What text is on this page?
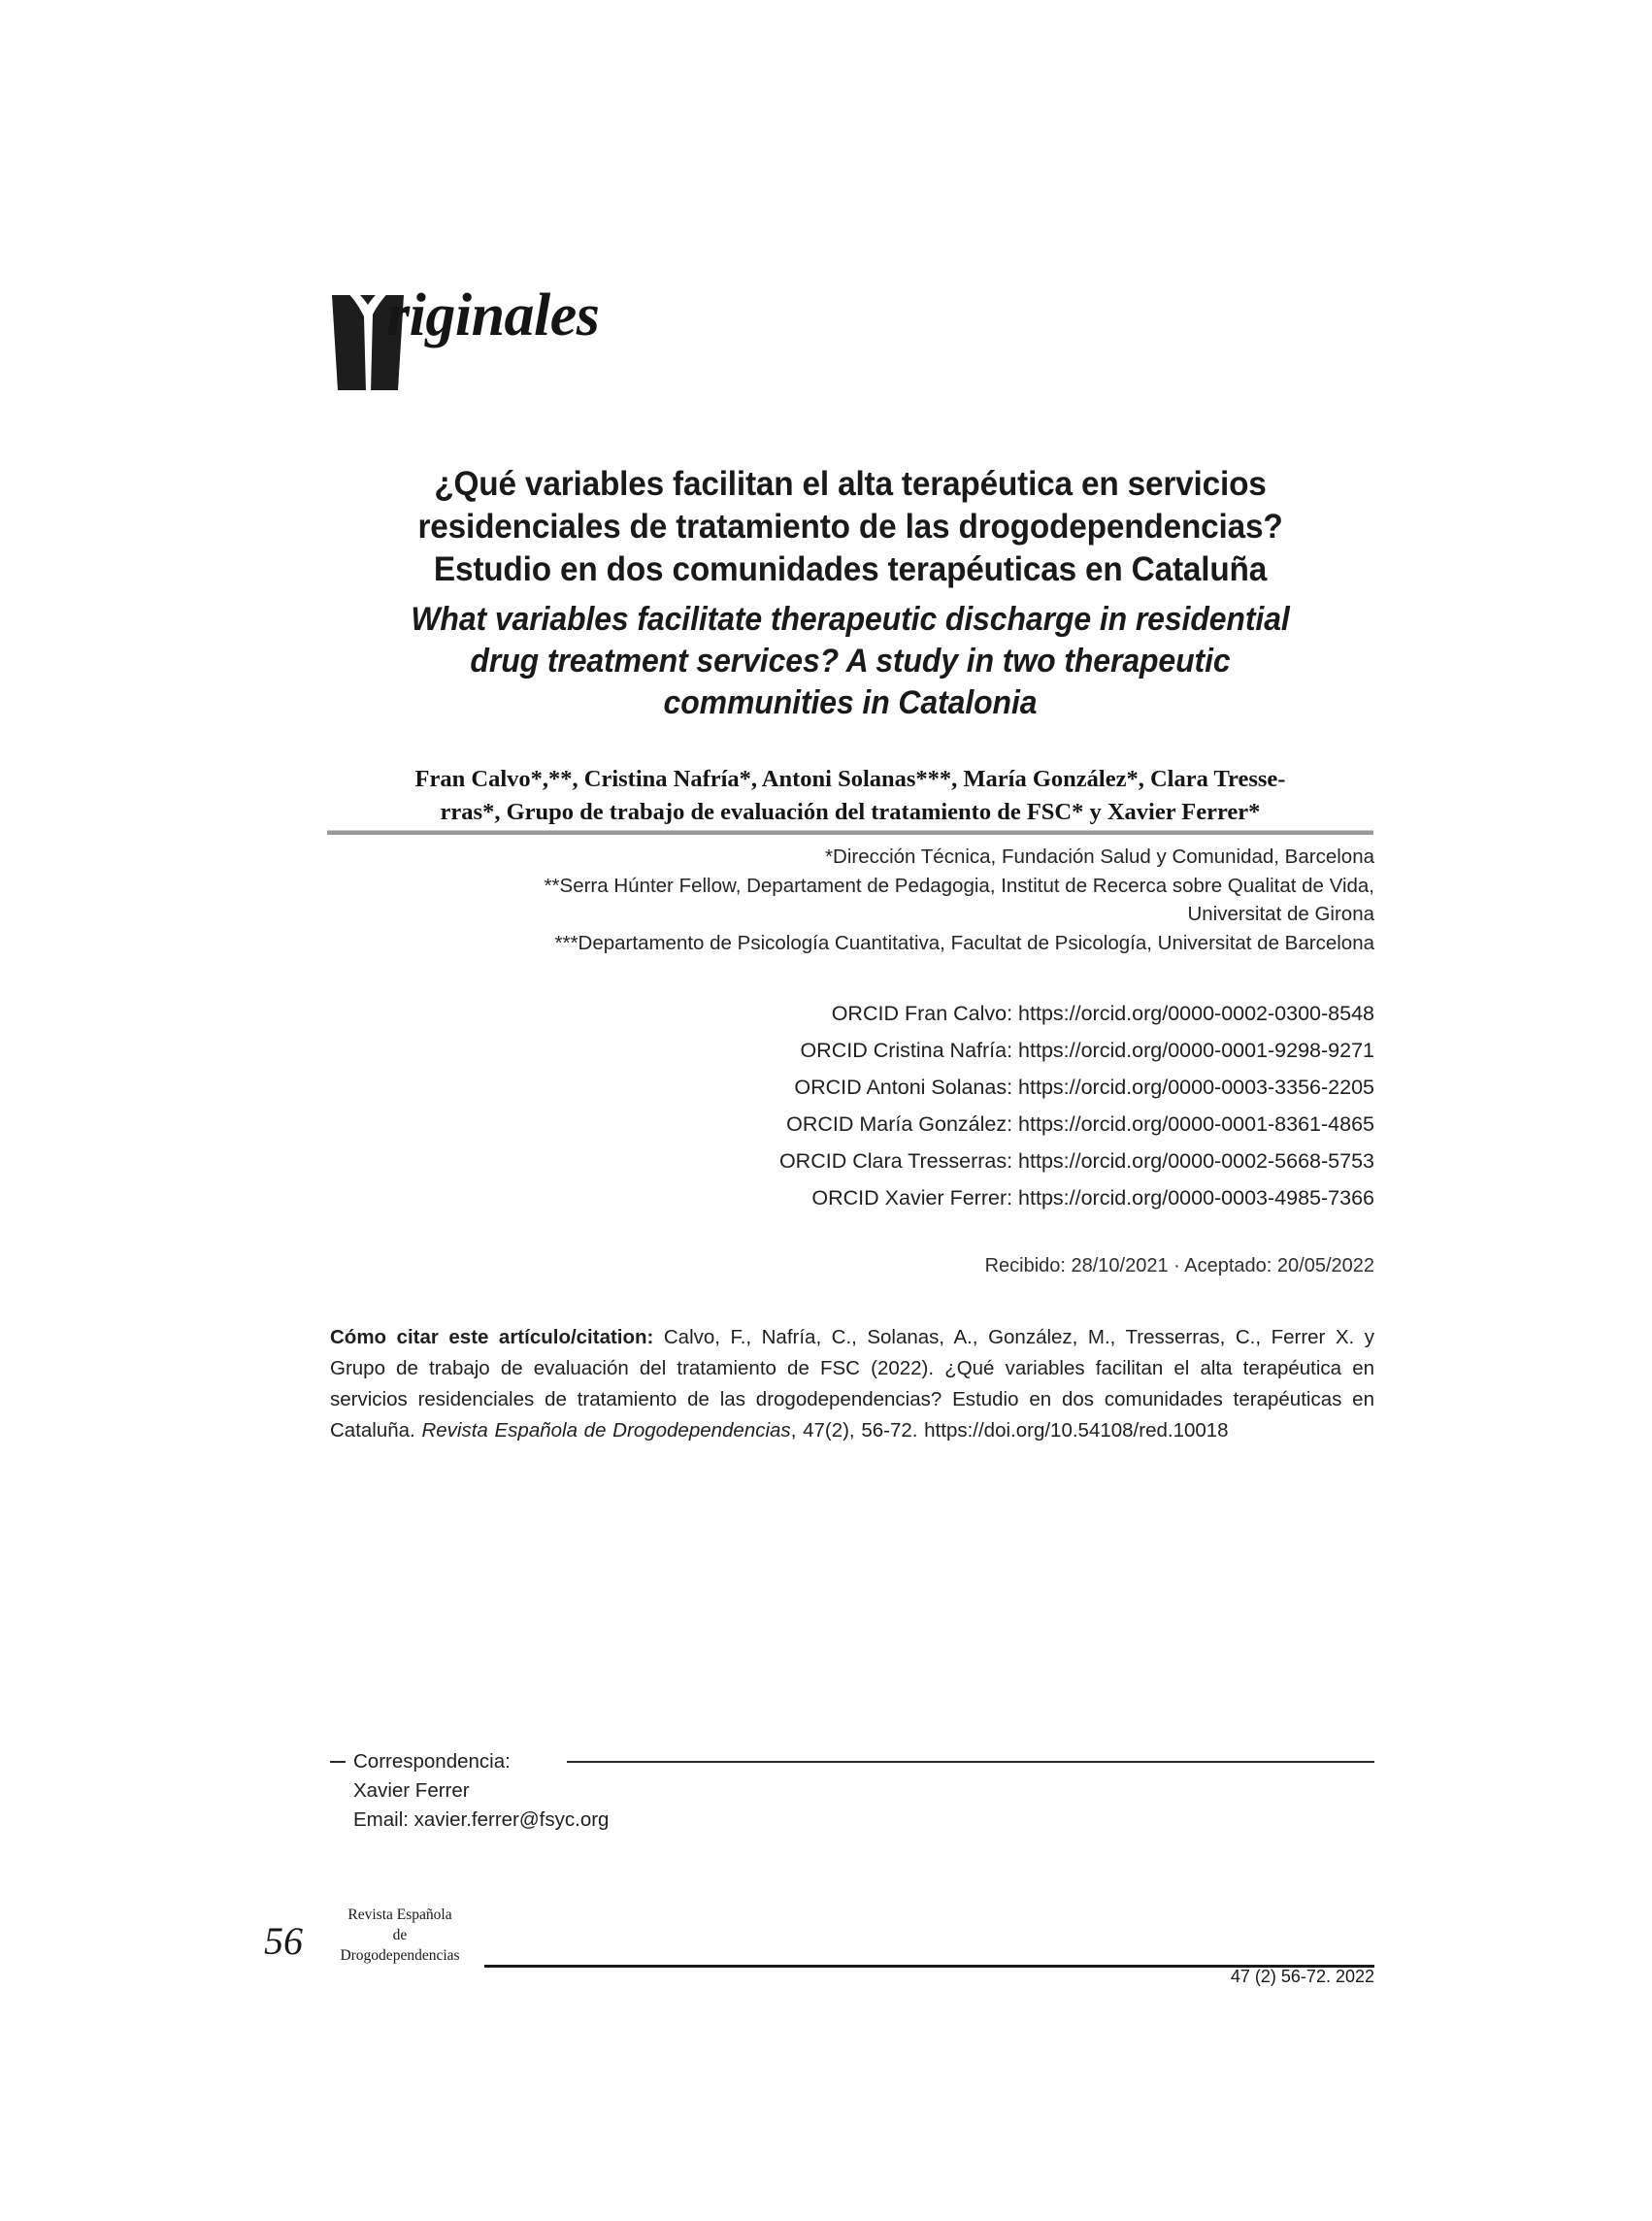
riginales
¿Qué variables facilitan el alta terapéutica en servicios
residenciales de tratamiento de las drogodependencias?
Estudio en dos comunidades terapéuticas en Cataluña
What variables facilitate therapeutic discharge in residential
drug treatment services? A study in two therapeutic
communities in Catalonia
Fran Calvo*,**, Cristina Nafría*, Antoni Solanas***, María González*, Clara Tresse-
rras*, Grupo de trabajo de evaluación del tratamiento de FSC* y Xavier Ferrer*
*Dirección Técnica, Fundación Salud y Comunidad, Barcelona
**Serra Húnter Fellow, Departament de Pedagogia, Institut de Recerca sobre Qualitat de Vida,
Universitat de Girona
***Departamento de Psicología Cuantitativa, Facultat de Psicología, Universitat de Barcelona
ORCID Fran Calvo: https://orcid.org/0000-0002-0300-8548
ORCID Cristina Nafría: https://orcid.org/0000-0001-9298-9271
ORCID Antoni Solanas: https://orcid.org/0000-0003-3356-2205
ORCID María González: https://orcid.org/0000-0001-8361-4865
ORCID Clara Tresserras: https://orcid.org/0000-0002-5668-5753
ORCID Xavier Ferrer: https://orcid.org/0000-0003-4985-7366
Recibido: 28/10/2021 · Aceptado: 20/05/2022
Cómo citar este artículo/citation: Calvo, F., Nafría, C., Solanas, A., González, M., Tresserras, C., Ferrer X. y Grupo de trabajo de evaluación del tratamiento de FSC (2022). ¿Qué variables facilitan el alta terapéutica en servicios residenciales de tratamiento de las drogodependencias? Estudio en dos comunidades terapéuticas en Cataluña. Revista Española de Drogodependencias, 47(2), 56-72. https://doi.org/10.54108/red.10018
Correspondencia:
Xavier Ferrer
Email: xavier.ferrer@fsyc.org
56
Revista Española
de
Drogodependencias
47 (2) 56-72. 2022
